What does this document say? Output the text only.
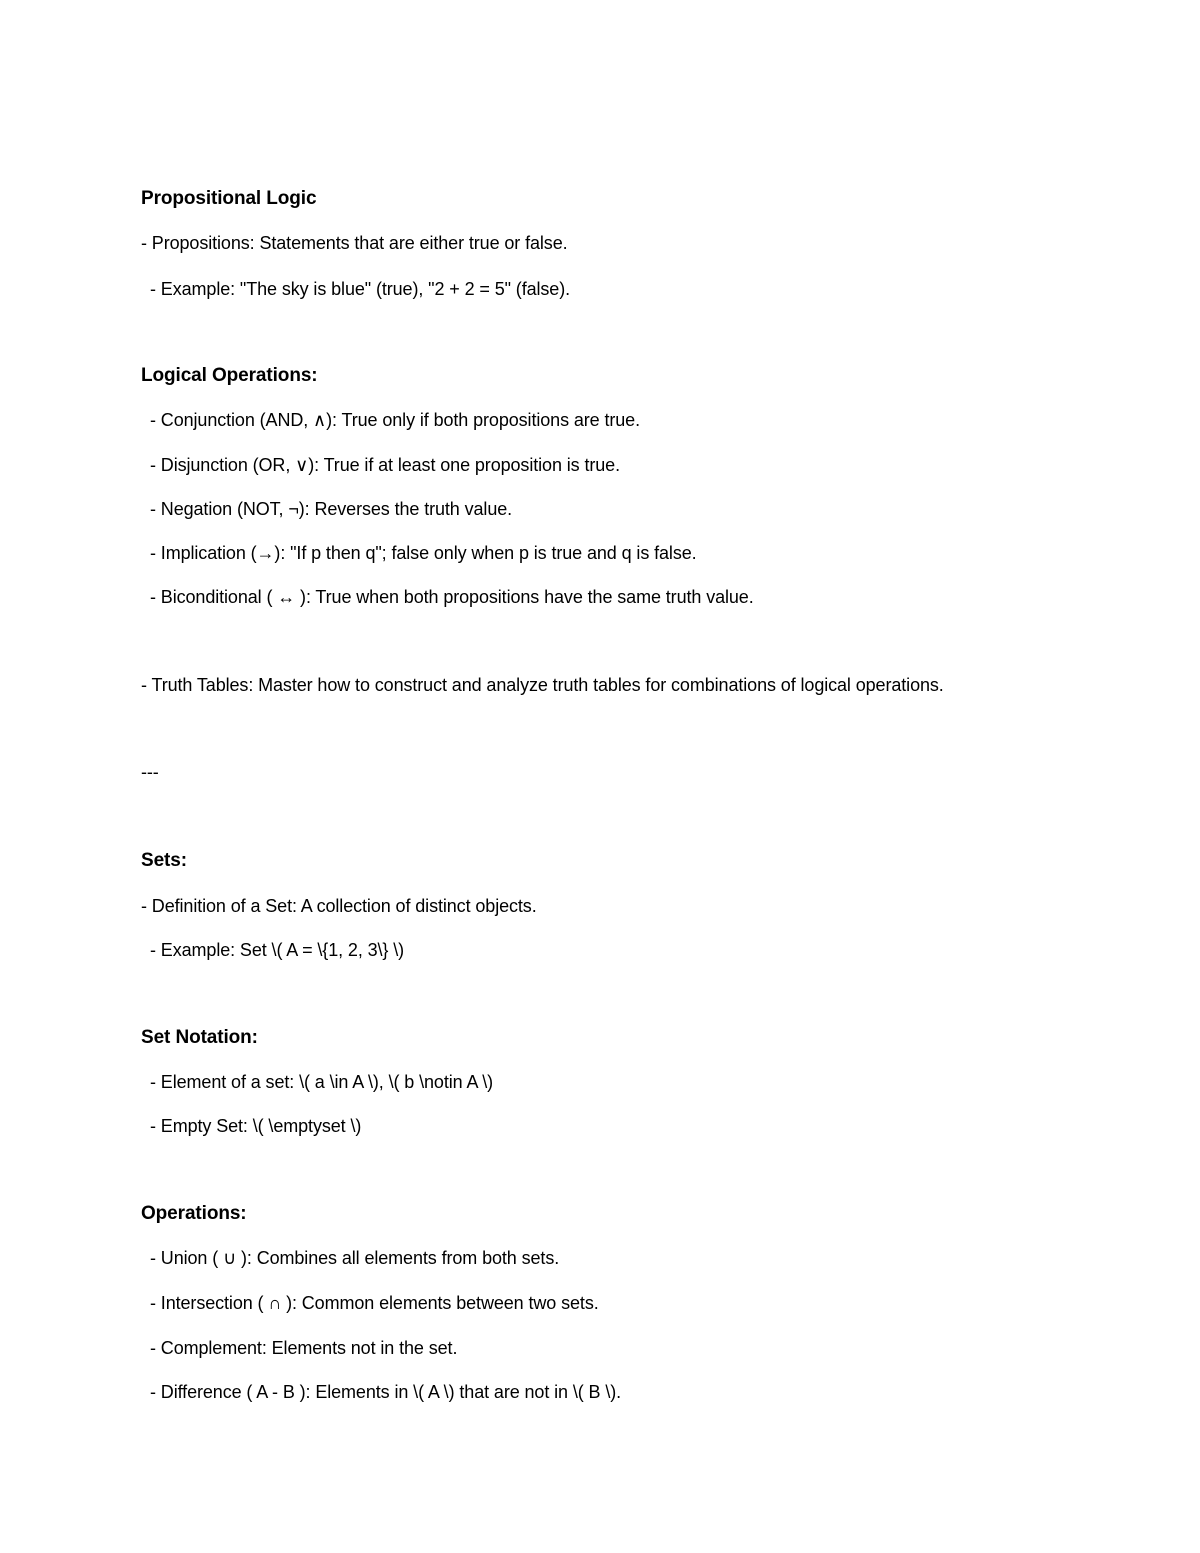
Propositional Logic
- Propositions: Statements that are either true or false.
- Example: "The sky is blue" (true), "2 + 2 = 5" (false).
Logical Operations:
- Conjunction (AND, ∧): True only if both propositions are true.
- Disjunction (OR, ∨): True if at least one proposition is true.
- Negation (NOT, ¬): Reverses the truth value.
- Implication (→): "If p then q"; false only when p is true and q is false.
- Biconditional ( ↔ ): True when both propositions have the same truth value.
- Truth Tables: Master how to construct and analyze truth tables for combinations of logical operations.
---
Sets:
- Definition of a Set: A collection of distinct objects.
- Example: Set \( A = \{1, 2, 3\} \)
Set Notation:
- Element of a set: \( a \in A \), \( b \notin A \)
- Empty Set: \( \emptyset \)
Operations:
- Union ( ∪ ): Combines all elements from both sets.
- Intersection ( ∩ ): Common elements between two sets.
- Complement: Elements not in the set.
- Difference ( A - B ): Elements in \( A \) that are not in \( B \).
